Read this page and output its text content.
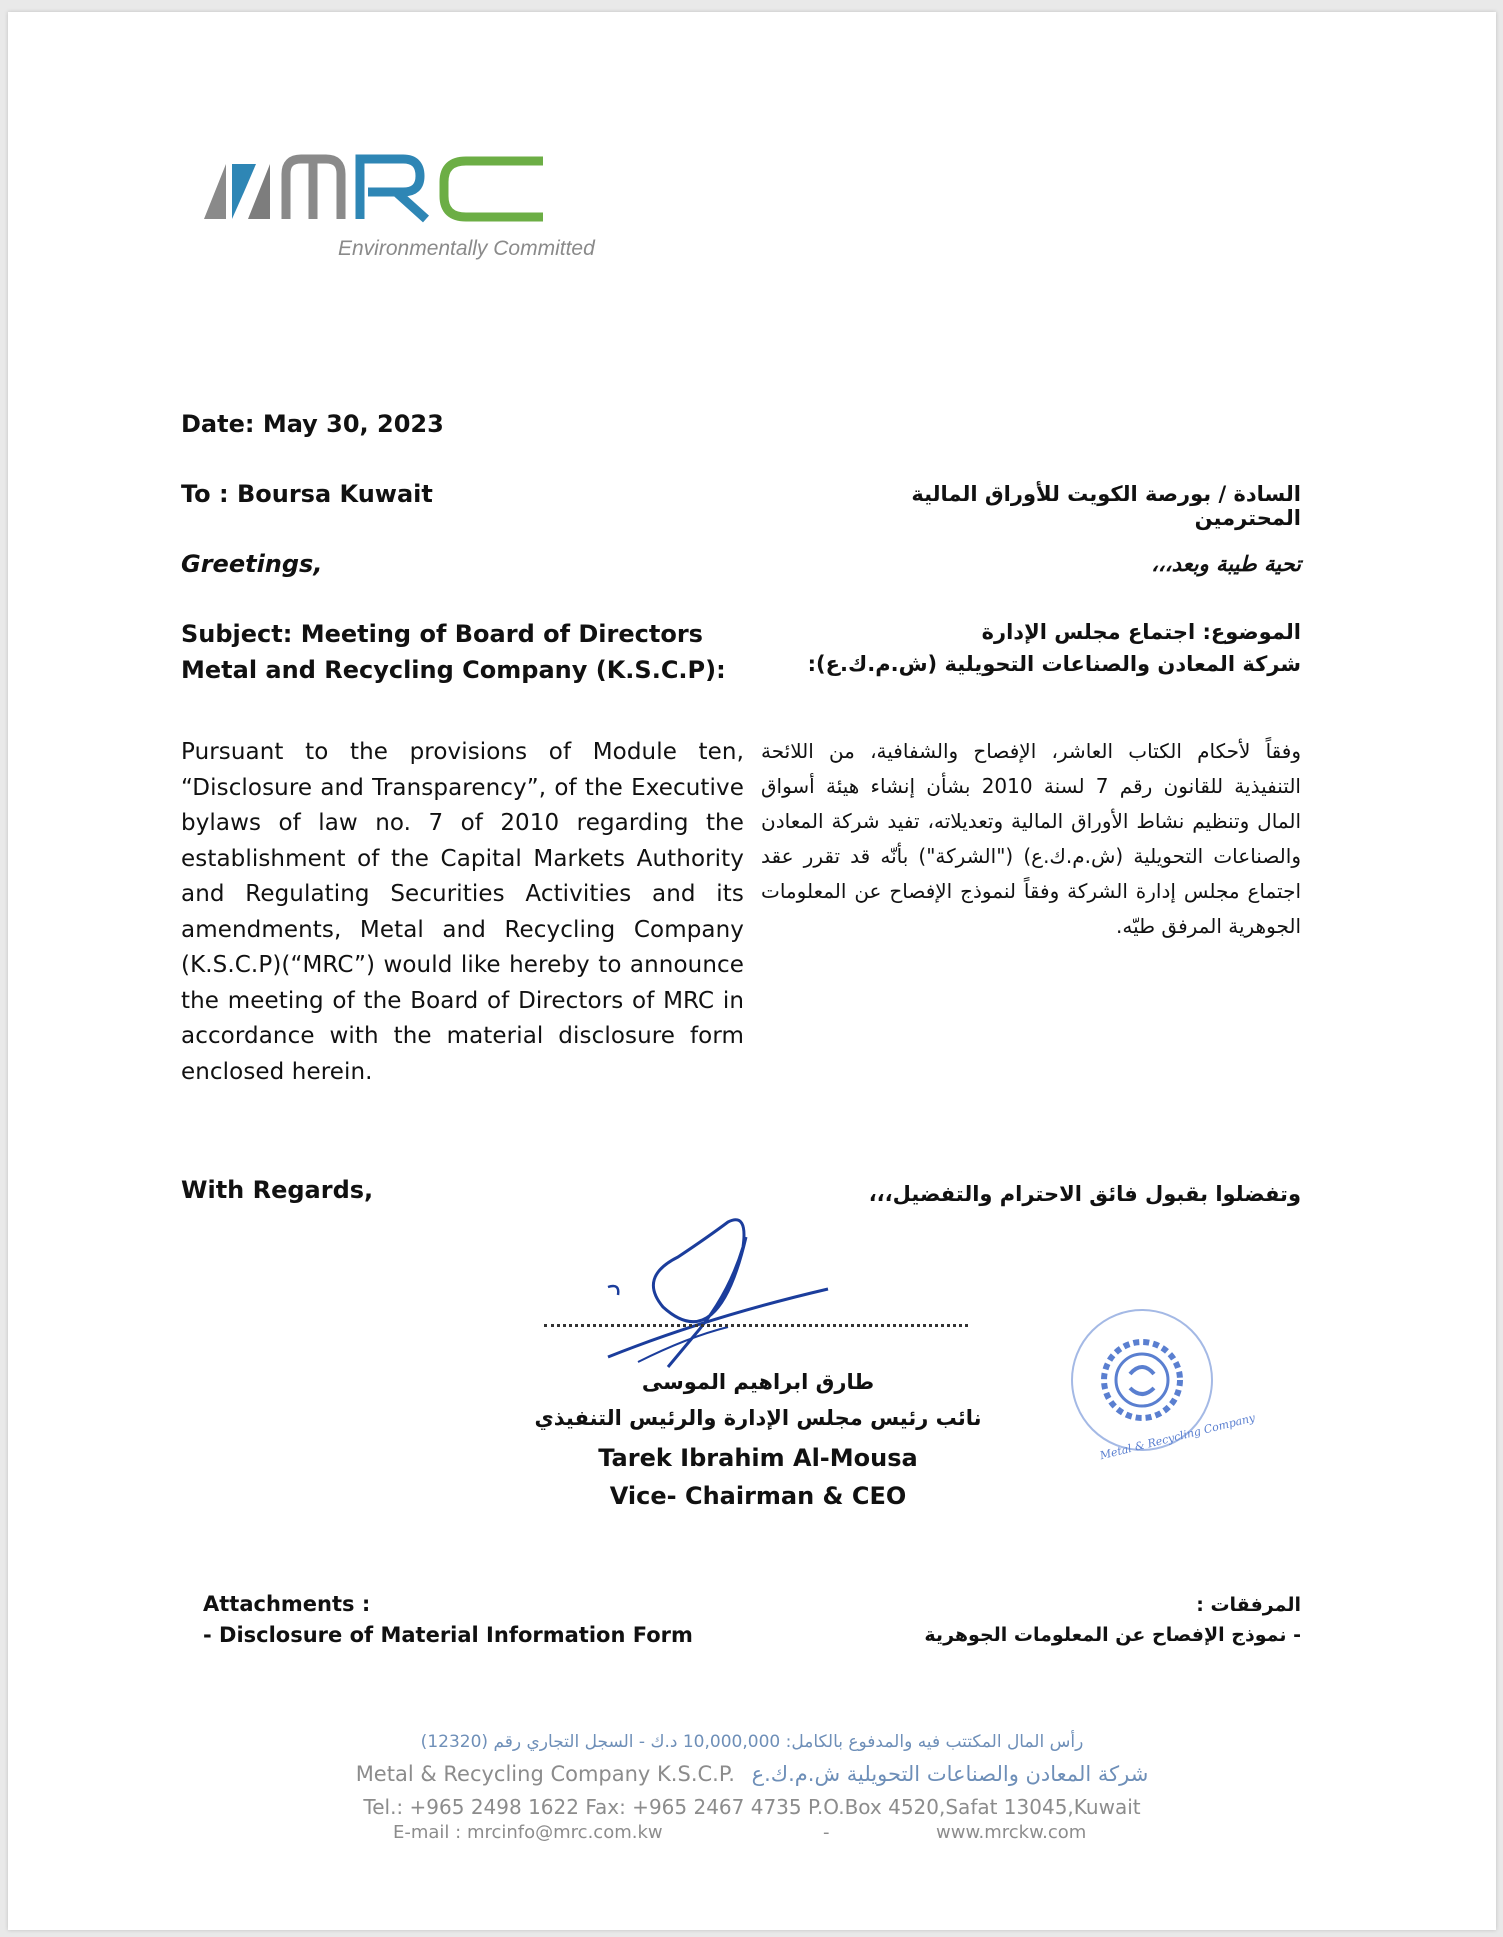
Environmentally Committed
Date: May 30, 2023
To : Boursa Kuwait	السادة / بورصة الكويت للأوراق المالية  المحترمين
Greetings,	تحية طيبة وبعد،،،
Subject: Meeting of Board of Directors
Metal and Recycling Company (K.S.C.P):
الموضوع: اجتماع مجلس الإدارة
شركة المعادن والصناعات التحويلية (ش.م.ك.ع):
Pursuant to the provisions of Module ten, “Disclosure and Transparency”, of the Executive bylaws of law no. 7 of 2010 regarding the establishment of the Capital Markets Authority and Regulating Securities Activities and its amendments, Metal and Recycling Company (K.S.C.P)(“MRC”) would like hereby to announce the meeting of the Board of Directors of MRC in accordance with the material disclosure form enclosed herein.
وفقاً لأحكام الكتاب العاشر، الإفصاح والشفافية، من اللائحة التنفيذية للقانون رقم 7 لسنة 2010 بشأن إنشاء هيئة أسواق المال وتنظيم نشاط الأوراق المالية وتعديلاته، تفيد شركة المعادن والصناعات التحويلية (ش.م.ك.ع) ("الشركة") بأنّه قد تقرر عقد اجتماع مجلس إدارة الشركة وفقاً لنموذج الإفصاح عن المعلومات الجوهرية المرفق طيّه.
With Regards,	وتفضلوا بقبول فائق الاحترام والتفضيل،،،
Metal & Recycling Company
طارق ابراهيم الموسى
نائب رئيس مجلس الإدارة والرئيس التنفيذي
Tarek Ibrahim Al-Mousa
Vice- Chairman & CEO
Attachments :
- Disclosure of Material Information Form
المرفقات :
- نموذج الإفصاح عن المعلومات الجوهرية
رأس المال المكتتب فيه والمدفوع بالكامل: 10,000,000 د.ك - السجل التجاري رقم (12320)
Metal & Recycling Company K.S.C.P. شركة المعادن والصناعات التحويلية ش.م.ك.ع
Tel.: +965 2498 1622 Fax: +965 2467 4735 P.O.Box 4520,Safat 13045,Kuwait
E-mail : mrcinfo@mrc.com.kw	-	www.mrckw.com
